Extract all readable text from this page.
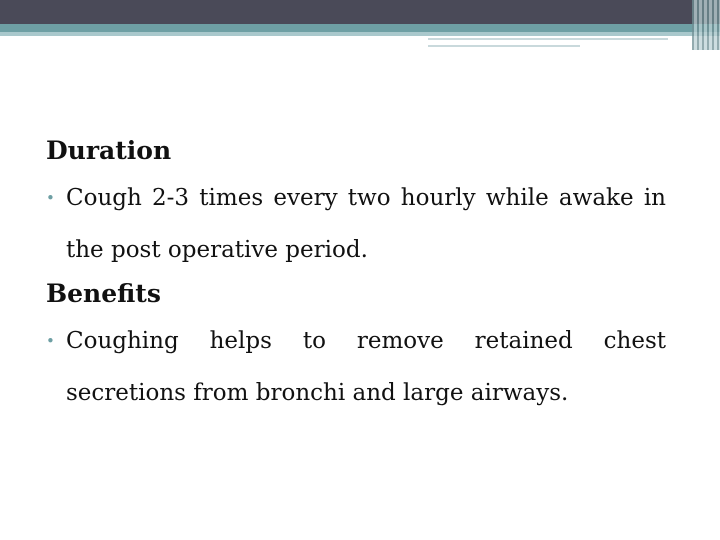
Duration

• Cough 2-3 times every two hourly while awake in the post operative period.

Benefits

• Coughing helps to remove retained chest secretions from bronchi and large airways.
